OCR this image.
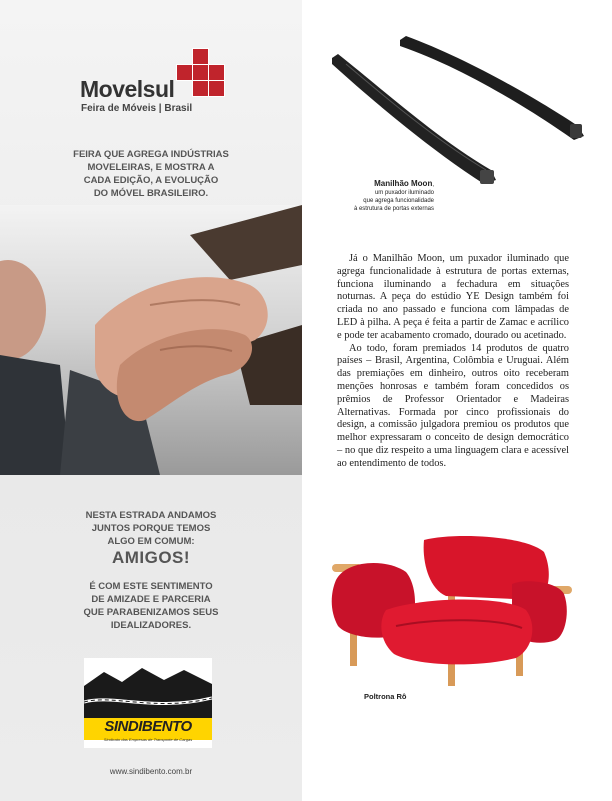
Movelsul
Feira de Móveis | Brasil
FEIRA QUE AGREGA INDÚSTRIAS
MOVELEIRAS, E MOSTRA A
CADA EDIÇÃO, A EVOLUÇÃO
DO MÓVEL BRASILEIRO.
NESTA ESTRADA ANDAMOS
JUNTOS PORQUE TEMOS
ALGO EM COMUM:
AMIGOS!
É COM ESTE SENTIMENTO
DE AMIZADE E PARCERIA
QUE PARABENIZAMOS SEUS
IDEALIZADORES.
SINDIBENTO
Sindicato das Empresas de Transporte de Cargas
www.sindibento.com.br
Manilhão Moon,
um puxador iluminado
que agrega funcionalidade
à estrutura de portas externas

Já o Manilhão Moon, um puxador iluminado que agrega funcionalidade à estrutura de portas externas, funciona iluminando a fechadura em situações noturnas. A peça do estúdio YE Design também foi criada no ano passado e funciona com lâmpadas de LED à pilha. A peça é feita a partir de Zamac e acrílico e pode ter acabamento cromado, dourado ou acetinado.

Ao todo, foram premiados 14 produtos de quatro países – Brasil, Argentina, Colômbia e Uruguai. Além das premiações em dinheiro, outros oito receberam menções honrosas e também foram concedidos os prêmios de Professor Orientador e Madeiras Alternativas. Formada por cinco profissionais do design, a comissão julgadora premiou os produtos que melhor expressaram o conceito de design democrático – no que diz respeito a uma linguagem clara e acessível ao entendimento de todos.

Poltrona Rô
